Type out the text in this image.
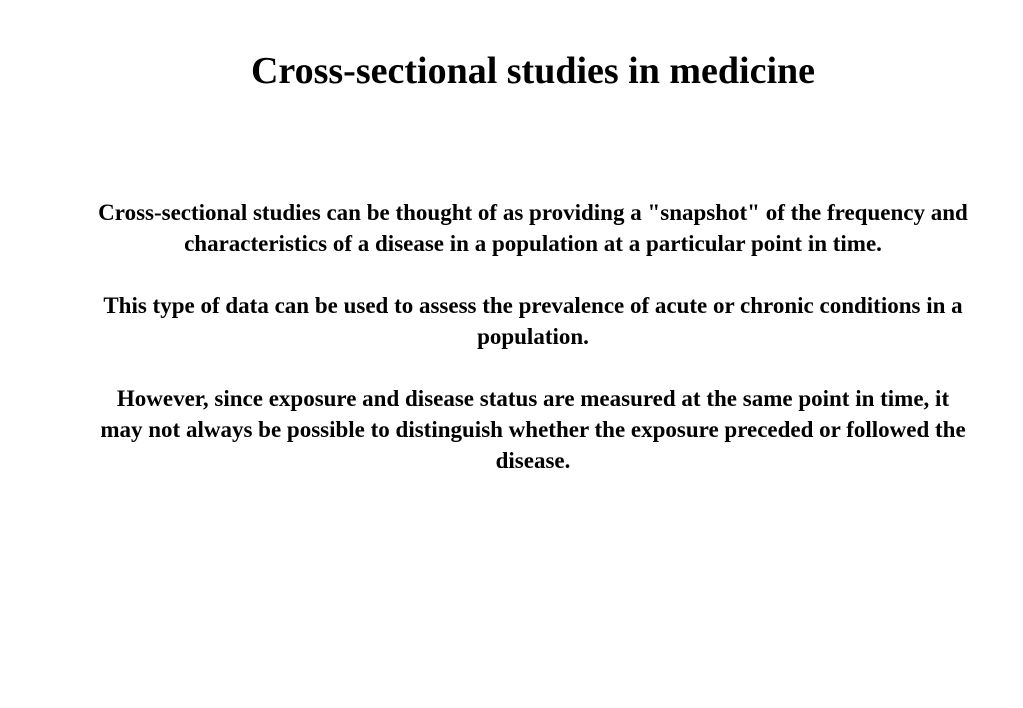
Cross-sectional studies in medicine

Cross-sectional studies can be thought of as providing a "snapshot" of the frequency and characteristics of a disease in a population at a particular point in time.

This type of data can be used to assess the prevalence of acute or chronic conditions in a population.

However, since exposure and disease status are measured at the same point in time, it may not always be possible to distinguish whether the exposure preceded or followed the disease.
